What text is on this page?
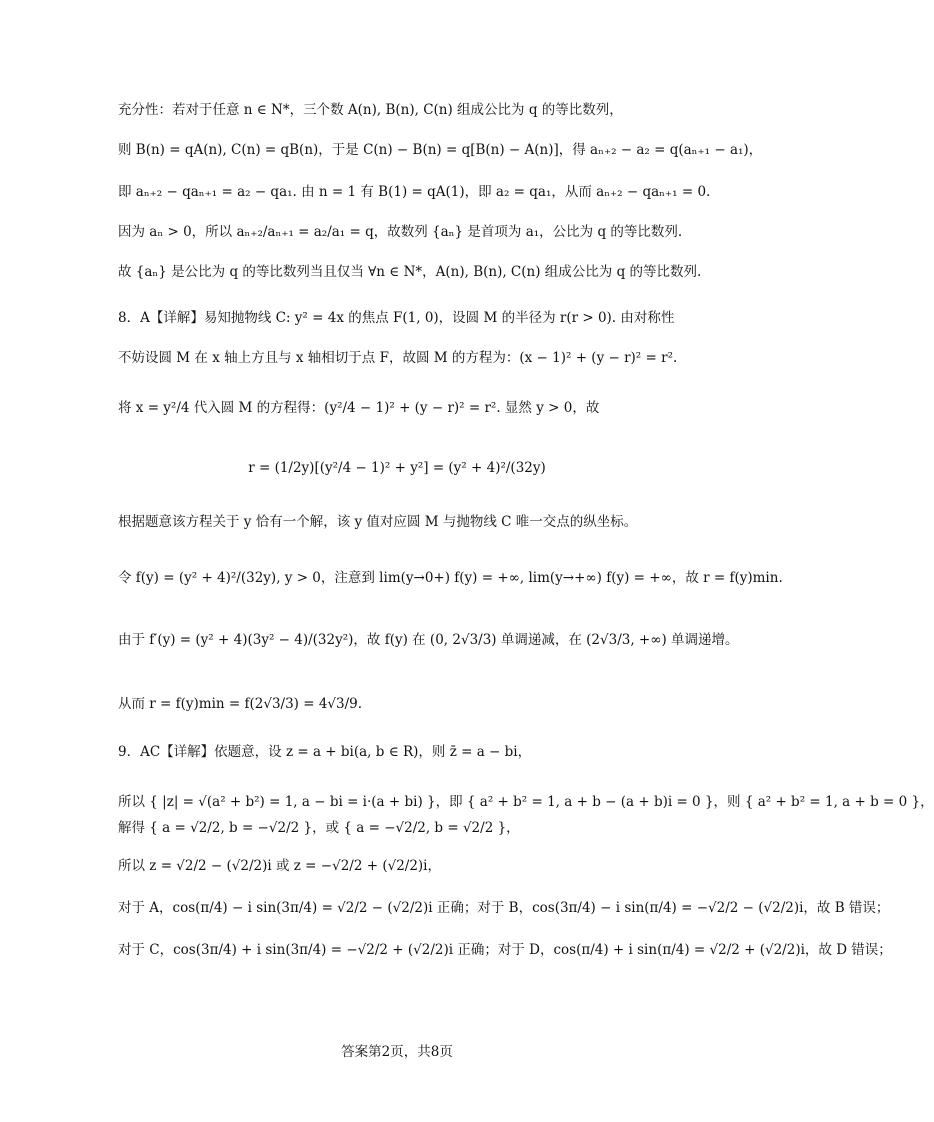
充分性：若对于任意 n ∈ N*，三个数 A(n), B(n), C(n) 组成公比为 q 的等比数列，
则 B(n) = qA(n), C(n) = qB(n)，于是 C(n) − B(n) = q[B(n) − A(n)]，得 aₙ₊₂ − a₂ = q(aₙ₊₁ − a₁)，
即 aₙ₊₂ − qaₙ₊₁ = a₂ − qa₁. 由 n = 1 有 B(1) = qA(1)，即 a₂ = qa₁，从而 aₙ₊₂ − qaₙ₊₁ = 0.
因为 aₙ > 0，所以 aₙ₊₂/aₙ₊₁ = a₂/a₁ = q，故数列 {aₙ} 是首项为 a₁，公比为 q 的等比数列.
故 {aₙ} 是公比为 q 的等比数列当且仅当 ∀n ∈ N*，A(n), B(n), C(n) 组成公比为 q 的等比数列.
8．A【详解】易知抛物线 C: y² = 4x 的焦点 F(1, 0)，设圆 M 的半径为 r(r > 0). 由对称性
不妨设圆 M 在 x 轴上方且与 x 轴相切于点 F，故圆 M 的方程为：(x − 1)² + (y − r)² = r².
将 x = y²/4 代入圆 M 的方程得：(y²/4 − 1)² + (y − r)² = r². 显然 y > 0，故
r = (1/2y)[(y²/4 − 1)² + y²] = (y² + 4)²/(32y)
根据题意该方程关于 y 恰有一个解，该 y 值对应圆 M 与抛物线 C 唯一交点的纵坐标。
令 f(y) = (y² + 4)²/(32y), y > 0，注意到 lim(y→0+) f(y) = +∞, lim(y→+∞) f(y) = +∞，故 r = f(y)min.
由于 f′(y) = (y² + 4)(3y² − 4)/(32y²)，故 f(y) 在 (0, 2√3/3) 单调递减，在 (2√3/3, +∞) 单调递增。
从而 r = f(y)min = f(2√3/3) = 4√3/9.
9．AC【详解】依题意，设 z = a + bi(a, b ∈ R)，则 z̄ = a − bi，
所以 { |z| = √(a² + b²) = 1, a − bi = i·(a + bi) }，即 { a² + b² = 1, a + b − (a + b)i = 0 }，则 { a² + b² = 1, a + b = 0 }，
解得 { a = √2/2, b = −√2/2 }，或 { a = −√2/2, b = √2/2 }，
所以 z = √2/2 − (√2/2)i 或 z = −√2/2 + (√2/2)i，
对于 A，cos(π/4) − i sin(3π/4) = √2/2 − (√2/2)i 正确；对于 B，cos(3π/4) − i sin(π/4) = −√2/2 − (√2/2)i，故 B 错误；
对于 C，cos(3π/4) + i sin(3π/4) = −√2/2 + (√2/2)i 正确；对于 D，cos(π/4) + i sin(π/4) = √2/2 + (√2/2)i，故 D 错误；
答案第2页，共8页
